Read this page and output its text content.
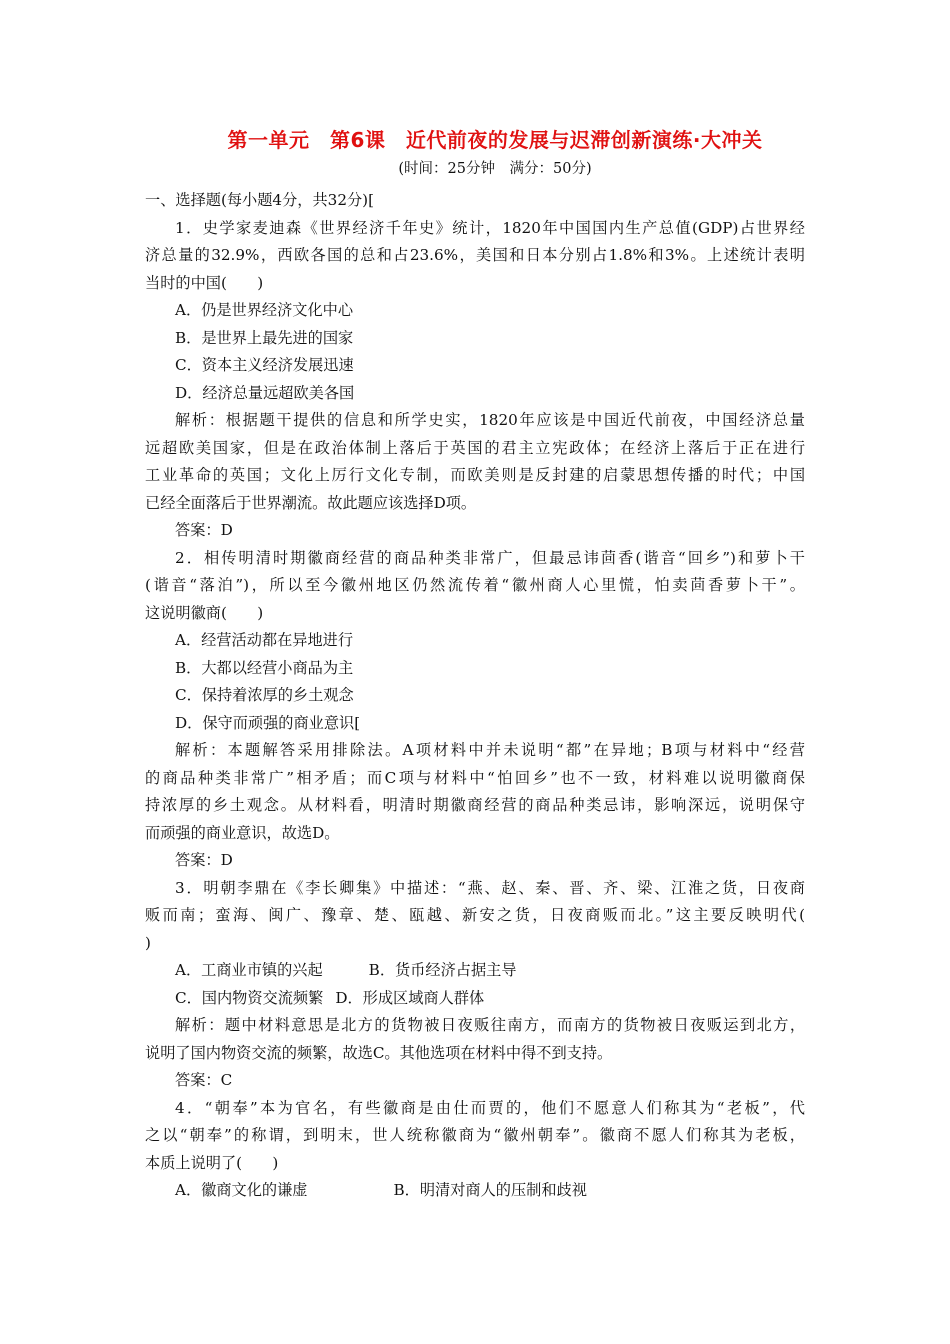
第一单元　第6课　近代前夜的发展与迟滞创新演练·大冲关
(时间：25分钟　满分：50分)
一、选择题(每小题4分，共32分)[
1．史学家麦迪森《世界经济千年史》统计，1820年中国国内生产总值(GDP)占世界经
济总量的32.9%，西欧各国的总和占23.6%，美国和日本分别占1.8%和3%。上述统计表明
当时的中国(　　)
A．仍是世界经济文化中心
B．是世界上最先进的国家
C．资本主义经济发展迅速
D．经济总量远超欧美各国
解析：根据题干提供的信息和所学史实，1820年应该是中国近代前夜，中国经济总量
远超欧美国家，但是在政治体制上落后于英国的君主立宪政体；在经济上落后于正在进行
工业革命的英国；文化上厉行文化专制，而欧美则是反封建的启蒙思想传播的时代；中国
已经全面落后于世界潮流。故此题应该选择D项。
答案：D
2．相传明清时期徽商经营的商品种类非常广，但最忌讳茴香(谐音“回乡”)和萝卜干
(谐音“落泊”)，所以至今徽州地区仍然流传着“徽州商人心里慌，怕卖茴香萝卜干”。
这说明徽商(　　)
A．经营活动都在异地进行
B．大都以经营小商品为主
C．保持着浓厚的乡土观念
D．保守而顽强的商业意识[
解析：本题解答采用排除法。A项材料中并未说明“都”在异地；B项与材料中“经营
的商品种类非常广”相矛盾；而C项与材料中“怕回乡”也不一致，材料难以说明徽商保
持浓厚的乡土观念。从材料看，明清时期徽商经营的商品种类忌讳，影响深远，说明保守
而顽强的商业意识，故选D。
答案：D
3．明朝李鼎在《李长卿集》中描述：“燕、赵、秦、晋、齐、梁、江淮之货，日夜商
贩而南；蛮海、闽广、豫章、楚、瓯越、新安之货，日夜商贩而北。”这主要反映明代(
)
A．工商业市镇的兴起	B．货币经济占据主导
C．国内物资交流频繁 D．形成区域商人群体
解析：题中材料意思是北方的货物被日夜贩往南方，而南方的货物被日夜贩运到北方，
说明了国内物资交流的频繁，故选C。其他选项在材料中得不到支持。
答案：C
4．“朝奉”本为官名，有些徽商是由仕而贾的，他们不愿意人们称其为“老板”，代
之以“朝奉”的称谓，到明末，世人统称徽商为“徽州朝奉”。徽商不愿人们称其为老板，
本质上说明了(　　)
A．徽商文化的谦虚	B．明清对商人的压制和歧视
